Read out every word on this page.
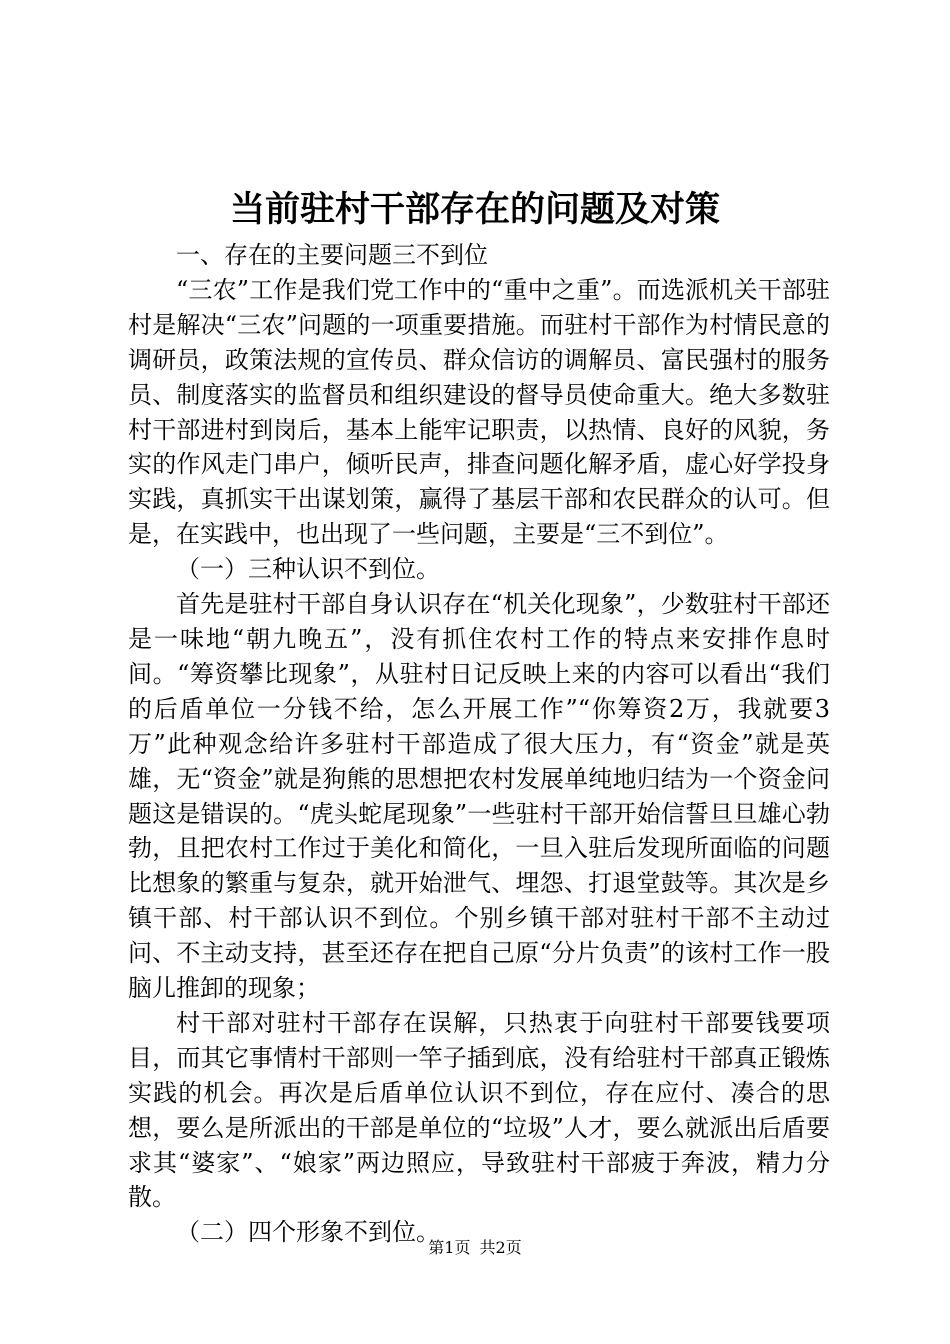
当前驻村干部存在的问题及对策

一、存在的主要问题三不到位

“三农”工作是我们党工作中的“重中之重”。而选派机关干部驻村是解决“三农”问题的一项重要措施。而驻村干部作为村情民意的调研员，政策法规的宣传员、群众信访的调解员、富民强村的服务员、制度落实的监督员和组织建设的督导员使命重大。绝大多数驻村干部进村到岗后，基本上能牢记职责，以热情、良好的风貌，务实的作风走门串户，倾听民声，排查问题化解矛盾，虚心好学投身实践，真抓实干出谋划策，赢得了基层干部和农民群众的认可。但是，在实践中，也出现了一些问题，主要是“三不到位”。

（一）三种认识不到位。

首先是驻村干部自身认识存在“机关化现象”，少数驻村干部还是一味地“朝九晚五”，没有抓住农村工作的特点来安排作息时间。“筹资攀比现象”，从驻村日记反映上来的内容可以看出“我们的后盾单位一分钱不给，怎么开展工作”“你筹资2万，我就要3万”此种观念给许多驻村干部造成了很大压力，有“资金”就是英雄，无“资金”就是狗熊的思想把农村发展单纯地归结为一个资金问题这是错误的。“虎头蛇尾现象”一些驻村干部开始信誓旦旦雄心勃勃，且把农村工作过于美化和简化，一旦入驻后发现所面临的问题比想象的繁重与复杂，就开始泄气、埋怨、打退堂鼓等。其次是乡镇干部、村干部认识不到位。个别乡镇干部对驻村干部不主动过问、不主动支持，甚至还存在把自己原“分片负责”的该村工作一股脑儿推卸的现象；

村干部对驻村干部存在误解，只热衷于向驻村干部要钱要项目，而其它事情村干部则一竿子插到底，没有给驻村干部真正锻炼实践的机会。再次是后盾单位认识不到位，存在应付、凑合的思想，要么是所派出的干部是单位的“垃圾”人才，要么就派出后盾要求其“婆家”、“娘家”两边照应，导致驻村干部疲于奔波，精力分散。

（二）四个形象不到位。

第1页 共2页
